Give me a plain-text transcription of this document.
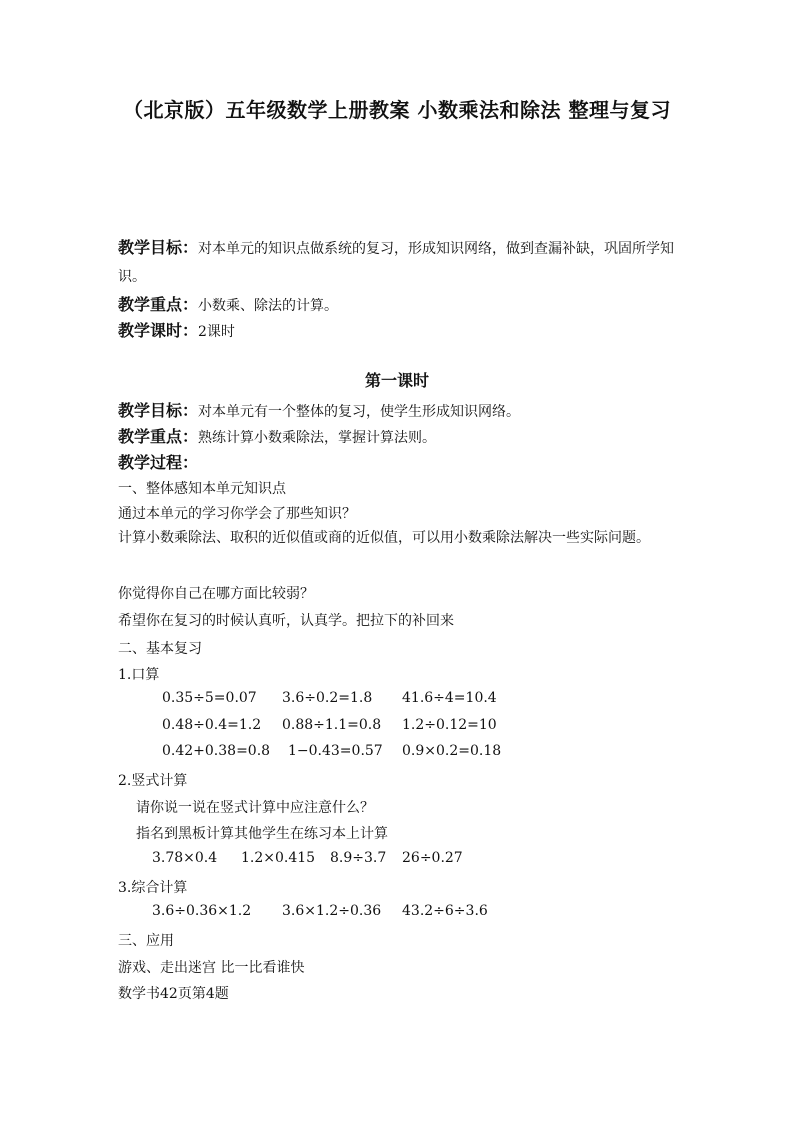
（北京版）五年级数学上册教案 小数乘法和除法 整理与复习
教学目标：对本单元的知识点做系统的复习，形成知识网络，做到查漏补缺，巩固所学知识。
教学重点：小数乘、除法的计算。
教学课时：2课时
第一课时
教学目标：对本单元有一个整体的复习，使学生形成知识网络。
教学重点：熟练计算小数乘除法，掌握计算法则。
教学过程：
一、整体感知本单元知识点
通过本单元的学习你学会了那些知识？
计算小数乘除法、取积的近似值或商的近似值，可以用小数乘除法解决一些实际问题。
你觉得你自己在哪方面比较弱？
希望你在复习的时候认真听，认真学。把拉下的补回来
二、基本复习
1.口算
0.35÷5=0.07 3.6÷0.2=1.8 41.6÷4=10.4
0.48÷0.4=1.2 0.88÷1.1=0.8 1.2÷0.12=10
0.42+0.38=0.8 1−0.43=0.57 0.9×0.2=0.18
2.竖式计算
请你说一说在竖式计算中应注意什么？
指名到黑板计算其他学生在练习本上计算
3.78×0.4 1.2×0.415 8.9÷3.7 26÷0.27
3.综合计算
3.6÷0.36×1.2 3.6×1.2÷0.36 43.2÷6÷3.6
三、应用
游戏、走出迷宫 比一比看谁快
数学书42页第4题
